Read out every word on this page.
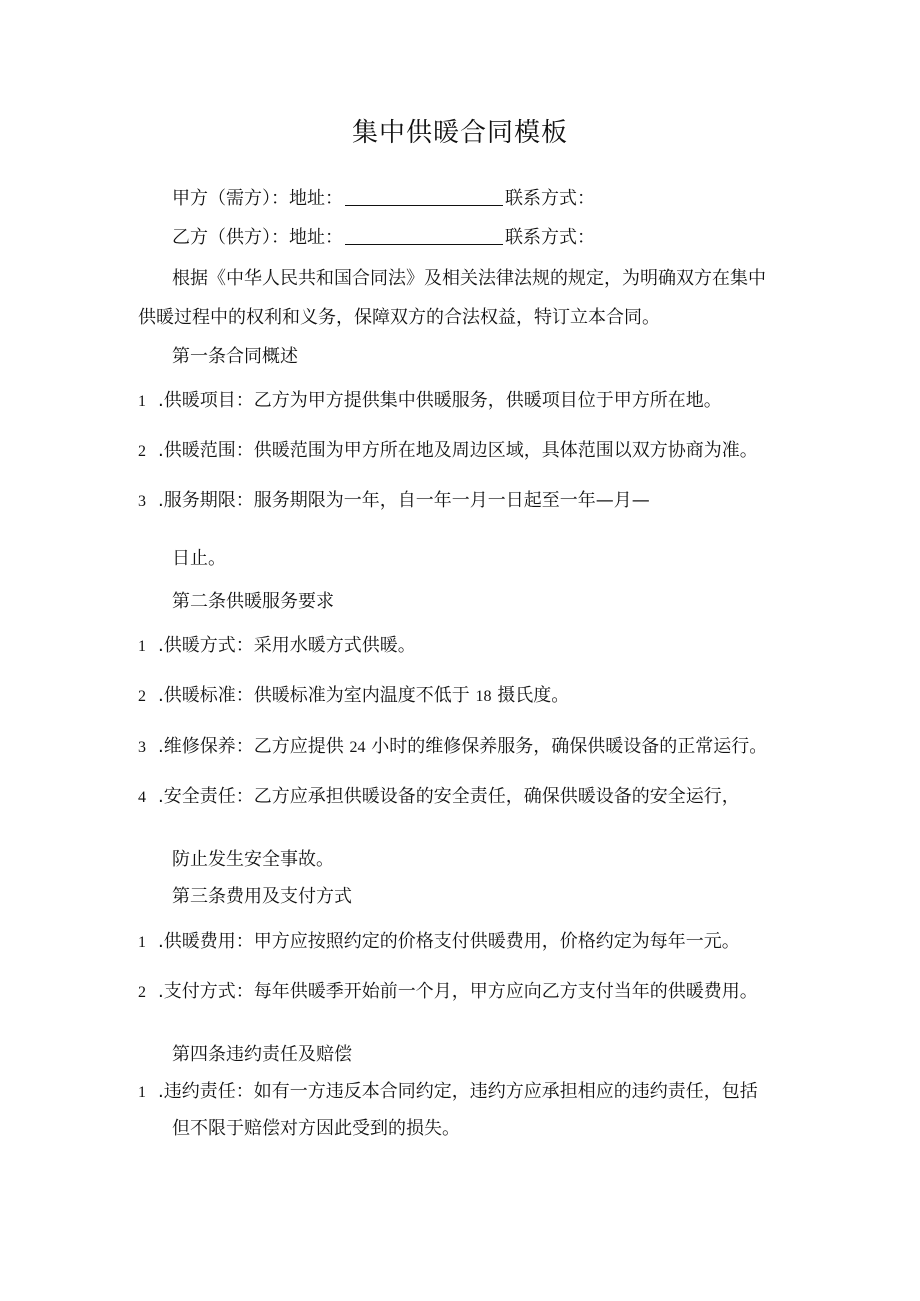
集中供暖合同模板
甲方（需方）：地址：	联系方式：
乙方（供方）：地址：	联系方式：
根据《中华人民共和国合同法》及相关法律法规的规定，为明确双方在集中
供暖过程中的权利和义务，保障双方的合法权益，特订立本合同。
第一条合同概述
1 .供暖项目：乙方为甲方提供集中供暖服务，供暖项目位于甲方所在地。
2 .供暖范围：供暖范围为甲方所在地及周边区域，具体范围以双方协商为准。
3 .服务期限：服务期限为一年，自一年一月一日起至一年—月—
日止。
第二条供暖服务要求
1 .供暖方式：采用水暖方式供暖。
2 .供暖标准：供暖标准为室内温度不低于 18 摄氏度。
3 .维修保养：乙方应提供 24 小时的维修保养服务，确保供暖设备的正常运行。
4 .安全责任：乙方应承担供暖设备的安全责任，确保供暖设备的安全运行，
防止发生安全事故。
第三条费用及支付方式
1 .供暖费用：甲方应按照约定的价格支付供暖费用，价格约定为每年一元。
2 .支付方式：每年供暖季开始前一个月，甲方应向乙方支付当年的供暖费用。
第四条违约责任及赔偿
1 .违约责任：如有一方违反本合同约定，违约方应承担相应的违约责任，包括
但不限于赔偿对方因此受到的损失。
